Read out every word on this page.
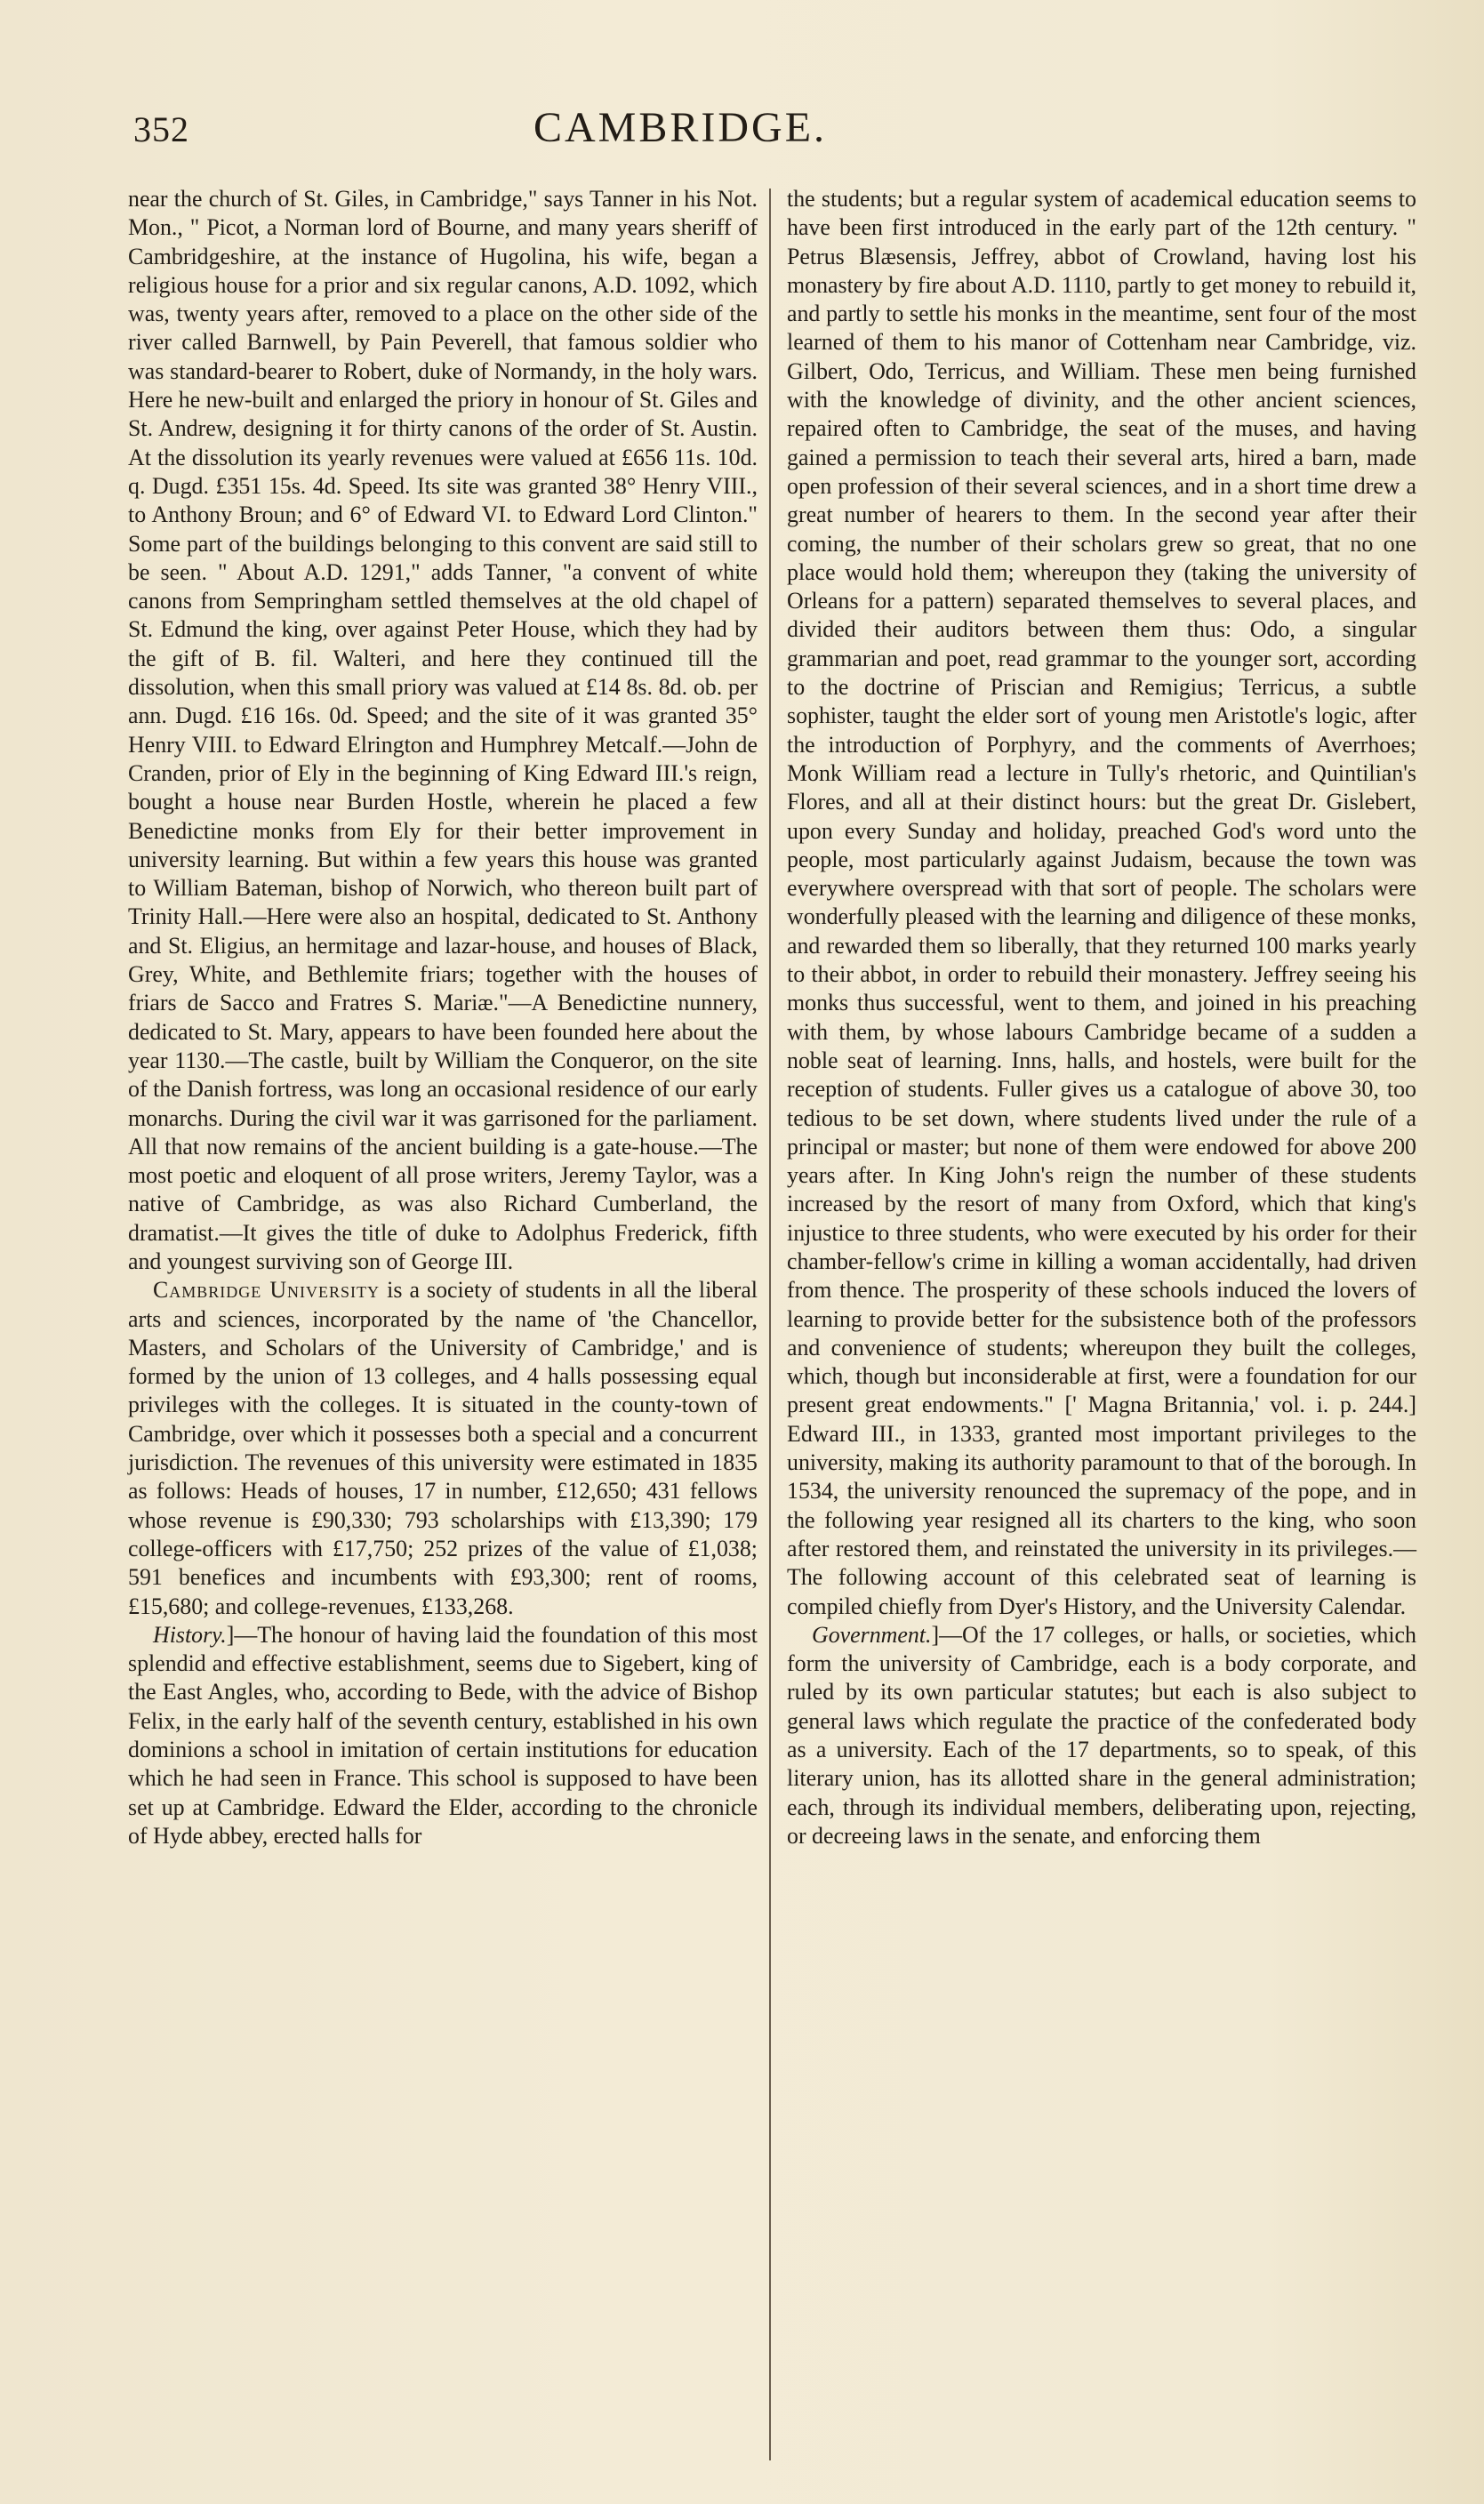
352	CAMBRIDGE.

near the church of St. Giles, in Cambridge," says Tanner in his Not. Mon., " Picot, a Norman lord of Bourne, and many years sheriff of Cambridgeshire, at the instance of Hugolina, his wife, began a religious house for a prior and six regular canons, A.D. 1092, which was, twenty years after, removed to a place on the other side of the river called Barnwell, by Pain Peverell, that famous soldier who was standard-bearer to Robert, duke of Normandy, in the holy wars. Here he new-built and enlarged the priory in honour of St. Giles and St. Andrew, designing it for thirty canons of the order of St. Austin. At the dissolution its yearly revenues were valued at £656 11s. 10d. q. Dugd. £351 15s. 4d. Speed. Its site was granted 38° Henry VIII., to Anthony Broun; and 6° of Edward VI. to Edward Lord Clinton." Some part of the buildings belonging to this convent are said still to be seen. " About A.D. 1291," adds Tanner, "a convent of white canons from Sempringham settled themselves at the old chapel of St. Edmund the king, over against Peter House, which they had by the gift of B. fil. Walteri, and here they continued till the dissolution, when this small priory was valued at £14 8s. 8d. ob. per ann. Dugd. £16 16s. 0d. Speed; and the site of it was granted 35° Henry VIII. to Edward Elrington and Humphrey Metcalf.—John de Cranden, prior of Ely in the beginning of King Edward III.'s reign, bought a house near Burden Hostle, wherein he placed a few Benedictine monks from Ely for their better improvement in university learning. But within a few years this house was granted to William Bateman, bishop of Norwich, who thereon built part of Trinity Hall.—Here were also an hospital, dedicated to St. Anthony and St. Eligius, an hermitage and lazar-house, and houses of Black, Grey, White, and Bethlemite friars; together with the houses of friars de Sacco and Fratres S. Mariæ."—A Benedictine nunnery, dedicated to St. Mary, appears to have been founded here about the year 1130.—The castle, built by William the Conqueror, on the site of the Danish fortress, was long an occasional residence of our early monarchs. During the civil war it was garrisoned for the parliament. All that now remains of the ancient building is a gate-house.—The most poetic and eloquent of all prose writers, Jeremy Taylor, was a native of Cambridge, as was also Richard Cumberland, the dramatist.—It gives the title of duke to Adolphus Frederick, fifth and youngest surviving son of George III.

Cambridge University is a society of students in all the liberal arts and sciences, incorporated by the name of 'the Chancellor, Masters, and Scholars of the University of Cambridge,' and is formed by the union of 13 colleges, and 4 halls possessing equal privileges with the colleges. It is situated in the county-town of Cambridge, over which it possesses both a special and a concurrent jurisdiction. The revenues of this university were estimated in 1835 as follows: Heads of houses, 17 in number, £12,650; 431 fellows whose revenue is £90,330; 793 scholarships with £13,390; 179 college-officers with £17,750; 252 prizes of the value of £1,038; 591 benefices and incumbents with £93,300; rent of rooms, £15,680; and college-revenues, £133,268.

History.]—The honour of having laid the foundation of this most splendid and effective establishment, seems due to Sigebert, king of the East Angles, who, according to Bede, with the advice of Bishop Felix, in the early half of the seventh century, established in his own dominions a school in imitation of certain institutions for education which he had seen in France. This school is supposed to have been set up at Cambridge. Edward the Elder, according to the chronicle of Hyde abbey, erected halls for

the students; but a regular system of academical education seems to have been first introduced in the early part of the 12th century. " Petrus Blæsensis, Jeffrey, abbot of Crowland, having lost his monastery by fire about A.D. 1110, partly to get money to rebuild it, and partly to settle his monks in the meantime, sent four of the most learned of them to his manor of Cottenham near Cambridge, viz. Gilbert, Odo, Terricus, and William. These men being furnished with the knowledge of divinity, and the other ancient sciences, repaired often to Cambridge, the seat of the muses, and having gained a permission to teach their several arts, hired a barn, made open profession of their several sciences, and in a short time drew a great number of hearers to them. In the second year after their coming, the number of their scholars grew so great, that no one place would hold them; whereupon they (taking the university of Orleans for a pattern) separated themselves to several places, and divided their auditors between them thus: Odo, a singular grammarian and poet, read grammar to the younger sort, according to the doctrine of Priscian and Remigius; Terricus, a subtle sophister, taught the elder sort of young men Aristotle's logic, after the introduction of Porphyry, and the comments of Averrhoes; Monk William read a lecture in Tully's rhetoric, and Quintilian's Flores, and all at their distinct hours: but the great Dr. Gislebert, upon every Sunday and holiday, preached God's word unto the people, most particularly against Judaism, because the town was everywhere overspread with that sort of people. The scholars were wonderfully pleased with the learning and diligence of these monks, and rewarded them so liberally, that they returned 100 marks yearly to their abbot, in order to rebuild their monastery. Jeffrey seeing his monks thus successful, went to them, and joined in his preaching with them, by whose labours Cambridge became of a sudden a noble seat of learning. Inns, halls, and hostels, were built for the reception of students. Fuller gives us a catalogue of above 30, too tedious to be set down, where students lived under the rule of a principal or master; but none of them were endowed for above 200 years after. In King John's reign the number of these students increased by the resort of many from Oxford, which that king's injustice to three students, who were executed by his order for their chamber-fellow's crime in killing a woman accidentally, had driven from thence. The prosperity of these schools induced the lovers of learning to provide better for the subsistence both of the professors and convenience of students; whereupon they built the colleges, which, though but inconsiderable at first, were a foundation for our present great endowments." [' Magna Britannia,' vol. i. p. 244.] Edward III., in 1333, granted most important privileges to the university, making its authority paramount to that of the borough. In 1534, the university renounced the supremacy of the pope, and in the following year resigned all its charters to the king, who soon after restored them, and reinstated the university in its privileges.—The following account of this celebrated seat of learning is compiled chiefly from Dyer's History, and the University Calendar.

Government.]—Of the 17 colleges, or halls, or societies, which form the university of Cambridge, each is a body corporate, and ruled by its own particular statutes; but each is also subject to general laws which regulate the practice of the confederated body as a university. Each of the 17 departments, so to speak, of this literary union, has its allotted share in the general administration; each, through its individual members, deliberating upon, rejecting, or decreeing laws in the senate, and enforcing them
